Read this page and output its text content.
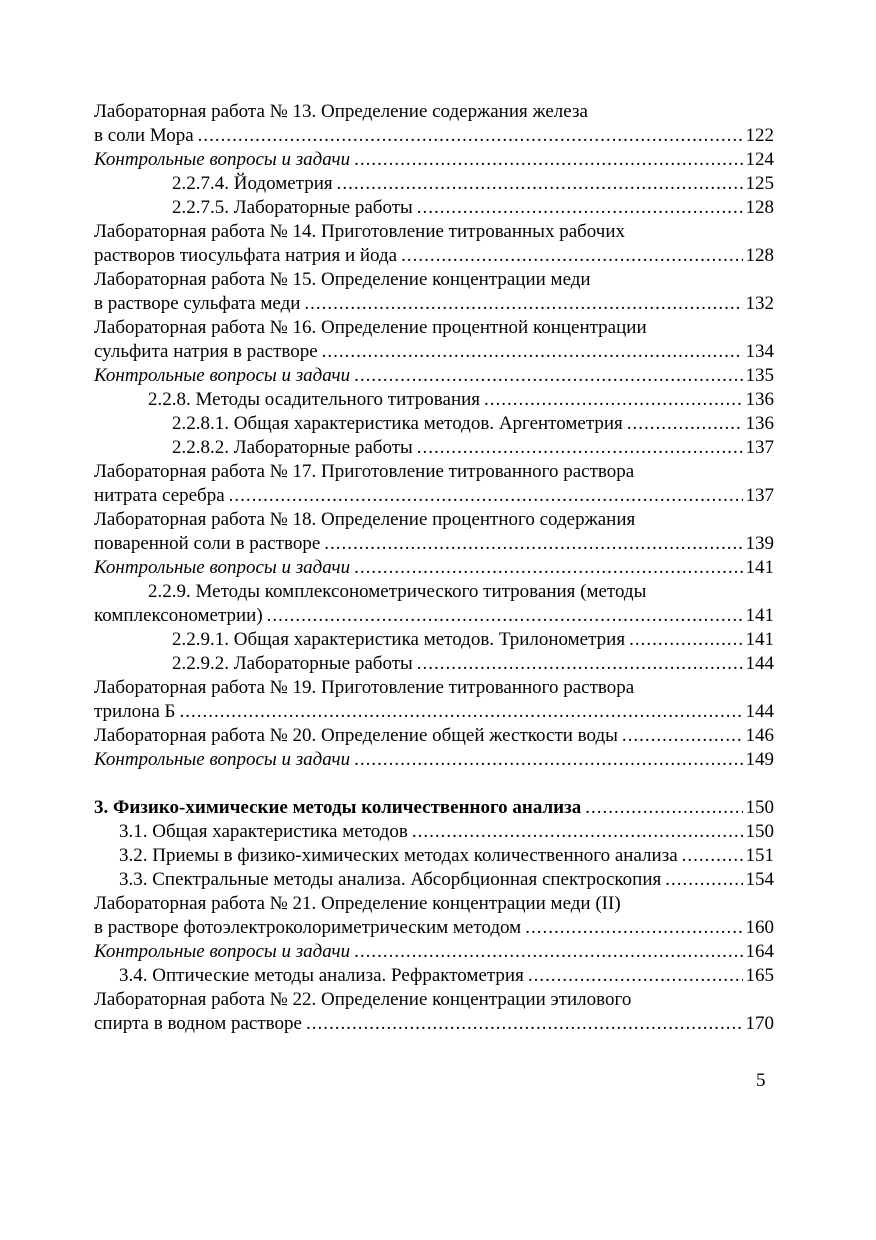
Лабораторная работа № 13. Определение содержания железа
в соли Мора .....	122
Контрольные вопросы и задачи .....	124
2.2.7.4. Йодометрия .....	125
2.2.7.5. Лабораторные работы .....	128
Лабораторная работа № 14. Приготовление титрованных рабочих
растворов тиосульфата натрия и йода .....	128
Лабораторная работа № 15. Определение концентрации меди
в растворе сульфата меди .....	132
Лабораторная работа № 16. Определение процентной концентрации
сульфита натрия в растворе .....	134
Контрольные вопросы и задачи .....	135
2.2.8. Методы осадительного титрования .....	136
2.2.8.1. Общая характеристика методов. Аргентометрия .....	136
2.2.8.2. Лабораторные работы .....	137
Лабораторная работа № 17. Приготовление титрованного раствора
нитрата серебра .....	137
Лабораторная работа № 18. Определение процентного содержания
поваренной соли в растворе .....	139
Контрольные вопросы и задачи .....	141
2.2.9. Методы комплексонометрического титрования (методы
комплексонометрии) .....	141
2.2.9.1. Общая характеристика методов. Трилонометрия .....	141
2.2.9.2. Лабораторные работы .....	144
Лабораторная работа № 19. Приготовление титрованного раствора
трилона Б .....	144
Лабораторная работа № 20. Определение общей жесткости воды .....	146
Контрольные вопросы и задачи .....	149
3. Физико-химические методы количественного анализа .....	150
3.1. Общая характеристика методов .....	150
3.2. Приемы в физико-химических методах количественного анализа .....	151
3.3. Спектральные методы анализа. Абсорбционная спектроскопия .....	154
Лабораторная работа № 21. Определение концентрации меди (II)
в растворе фотоэлектроколориметрическим методом .....	160
Контрольные вопросы и задачи .....	164
3.4. Оптические методы анализа. Рефрактометрия .....	165
Лабораторная работа № 22. Определение концентрации этилового
спирта в водном растворе .....	170
5
